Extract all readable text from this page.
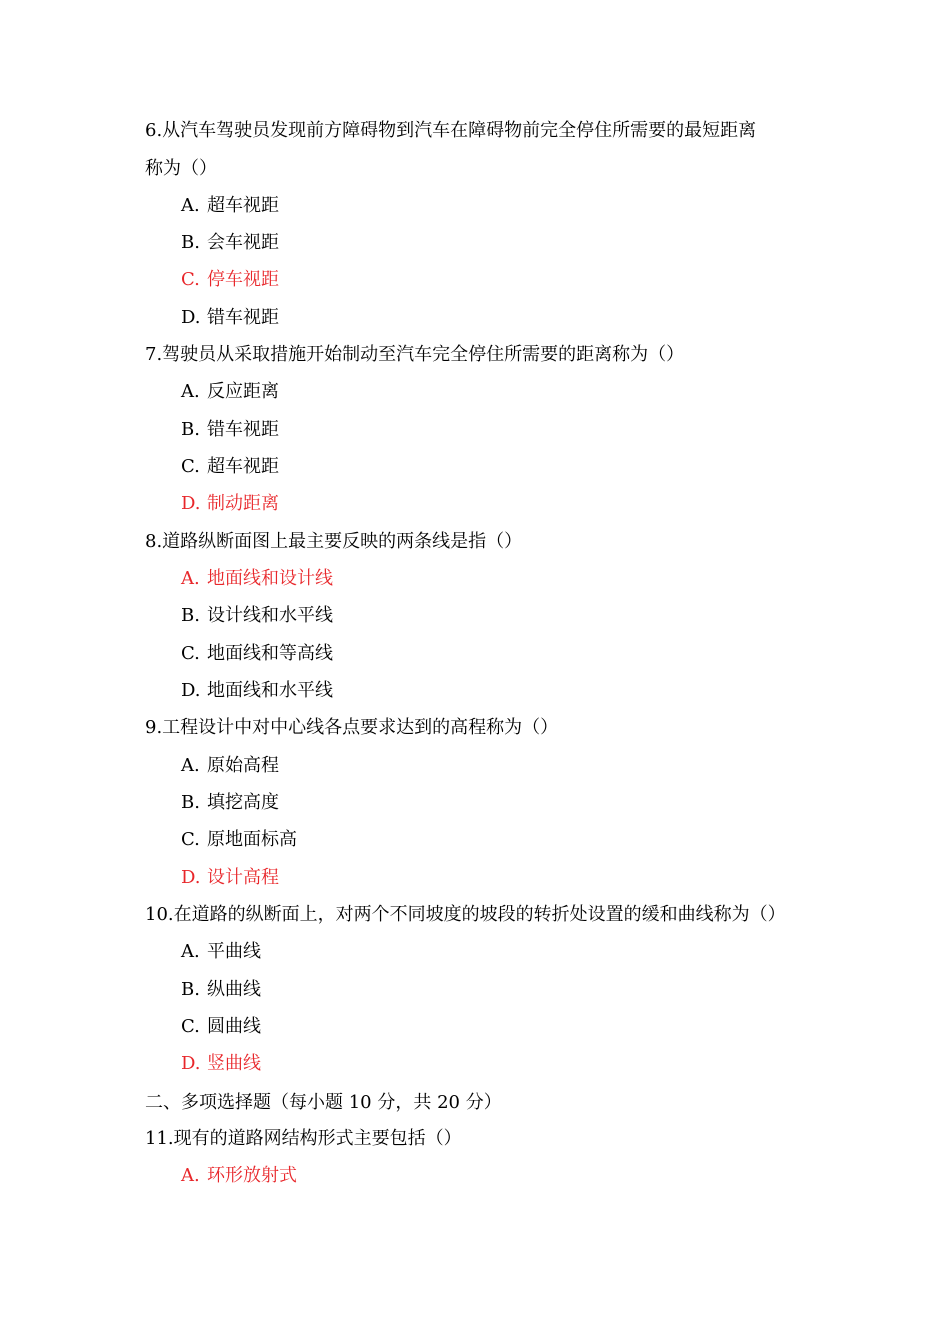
6.从汽车驾驶员发现前方障碍物到汽车在障碍物前完全停住所需要的最短距离
称为（）
A. 超车视距
B. 会车视距
C. 停车视距
D. 错车视距
7.驾驶员从采取措施开始制动至汽车完全停住所需要的距离称为（）
A. 反应距离
B. 错车视距
C. 超车视距
D. 制动距离
8.道路纵断面图上最主要反映的两条线是指（）
A. 地面线和设计线
B. 设计线和水平线
C. 地面线和等高线
D. 地面线和水平线
9.工程设计中对中心线各点要求达到的高程称为（）
A. 原始高程
B. 填挖高度
C. 原地面标高
D. 设计高程
10.在道路的纵断面上，对两个不同坡度的坡段的转折处设置的缓和曲线称为（）
A. 平曲线
B. 纵曲线
C. 圆曲线
D. 竖曲线
二、多项选择题（每小题 10 分，共 20 分）
11.现有的道路网结构形式主要包括（）
A. 环形放射式
